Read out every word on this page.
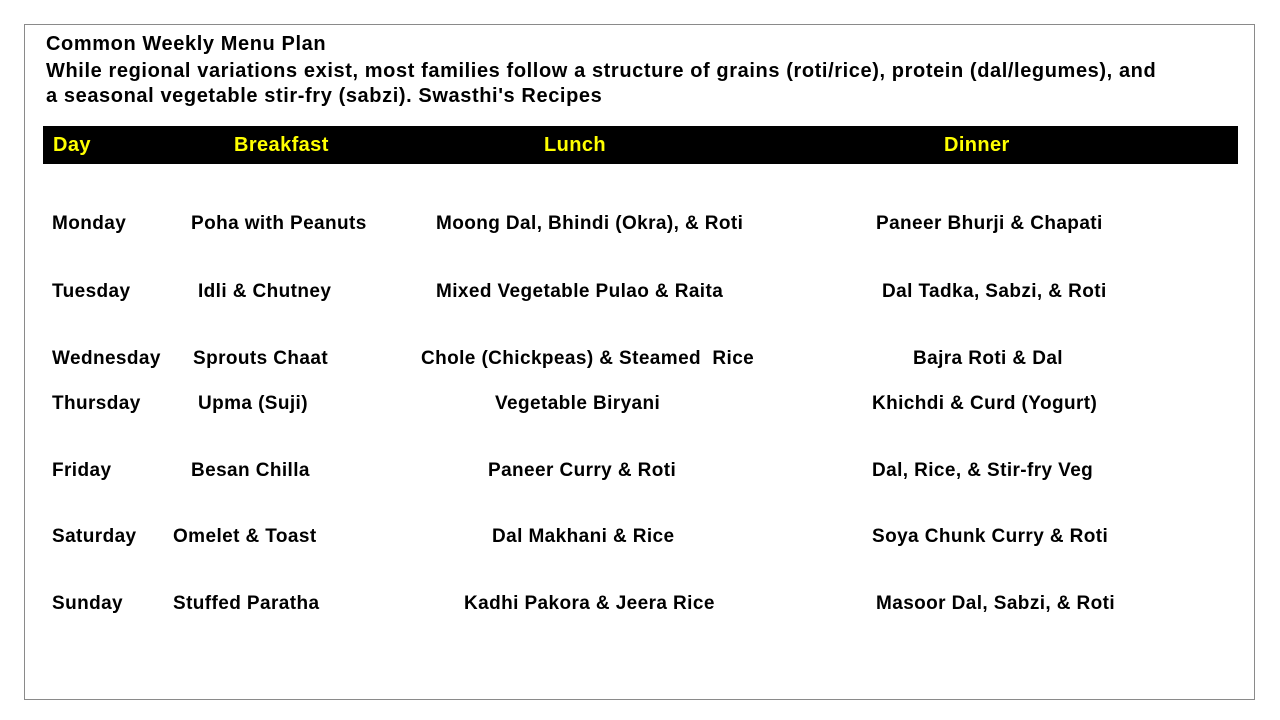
Common Weekly Menu Plan
While regional variations exist, most families follow a structure of grains (roti/rice), protein (dal/legumes), and a seasonal vegetable stir-fry (sabzi). Swasthi's Recipes
Day	Breakfast	Lunch	Dinner
Monday	Poha with Peanuts	Moong Dal, Bhindi (Okra), & Roti	Paneer Bhurji & Chapati
Tuesday	Idli & Chutney	Mixed Vegetable Pulao & Raita	Dal Tadka, Sabzi, & Roti
Wednesday Sprouts Chaat	Chole (Chickpeas) & Steamed  Rice	Bajra Roti & Dal
Thursday	Upma (Suji)	Vegetable Biryani	Khichdi & Curd (Yogurt)
Friday	Besan Chilla	Paneer Curry & Roti	Dal, Rice, & Stir-fry Veg
Saturday Omelet & Toast	Dal Makhani & Rice	Soya Chunk Curry & Roti
Sunday	Stuffed Paratha	Kadhi Pakora & Jeera Rice	Masoor Dal, Sabzi, & Roti
